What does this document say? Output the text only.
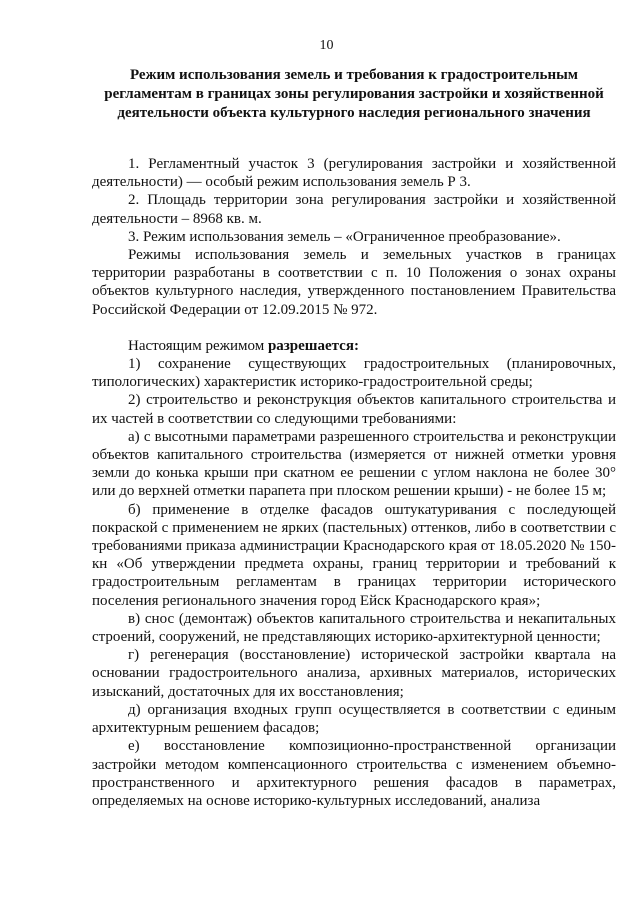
10
Режим использования земель и требования к градостроительным регламентам в границах зоны регулирования застройки и хозяйственной деятельности объекта культурного наследия регионального значения

1. Регламентный участок 3 (регулирования застройки и хозяйственной деятельности) — особый режим использования земель Р 3.

2. Площадь территории зона регулирования застройки и хозяйственной деятельности – 8968 кв. м.

3. Режим использования земель – «Ограниченное преобразование».

Режимы использования земель и земельных участков в границах территории разработаны в соответствии с п. 10 Положения о зонах охраны объектов культурного наследия, утвержденного постановлением Правительства Российской Федерации от 12.09.2015 № 972.

Настоящим режимом разрешается:

1) сохранение существующих градостроительных (планировочных, типологических) характеристик историко-градостроительной среды;

2) строительство и реконструкция объектов капитального строительства и их частей в соответствии со следующими требованиями:

а) с высотными параметрами разрешенного строительства и реконструкции объектов капитального строительства (измеряется от нижней отметки уровня земли до конька крыши при скатном ее решении с углом наклона не более 30° или до верхней отметки парапета при плоском решении крыши) - не более 15 м;

б) применение в отделке фасадов оштукатуривания с последующей покраской с применением не ярких (пастельных) оттенков, либо в соответствии с требованиями приказа администрации Краснодарского края от 18.05.2020 № 150-кн «Об утверждении предмета охраны, границ территории и требований к градостроительным регламентам в границах территории исторического поселения регионального значения город Ейск Краснодарского края»;

в) снос (демонтаж) объектов капитального строительства и некапитальных строений, сооружений, не представляющих историко-архитектурной ценности;

г) регенерация (восстановление) исторической застройки квартала на основании градостроительного анализа, архивных материалов, исторических изысканий, достаточных для их восстановления;

д) организация входных групп осуществляется в соответствии с единым архитектурным решением фасадов;

е) восстановление композиционно-пространственной организации застройки методом компенсационного строительства с изменением объемно-пространственного и архитектурного решения фасадов в параметрах, определяемых на основе историко-культурных исследований, анализа
